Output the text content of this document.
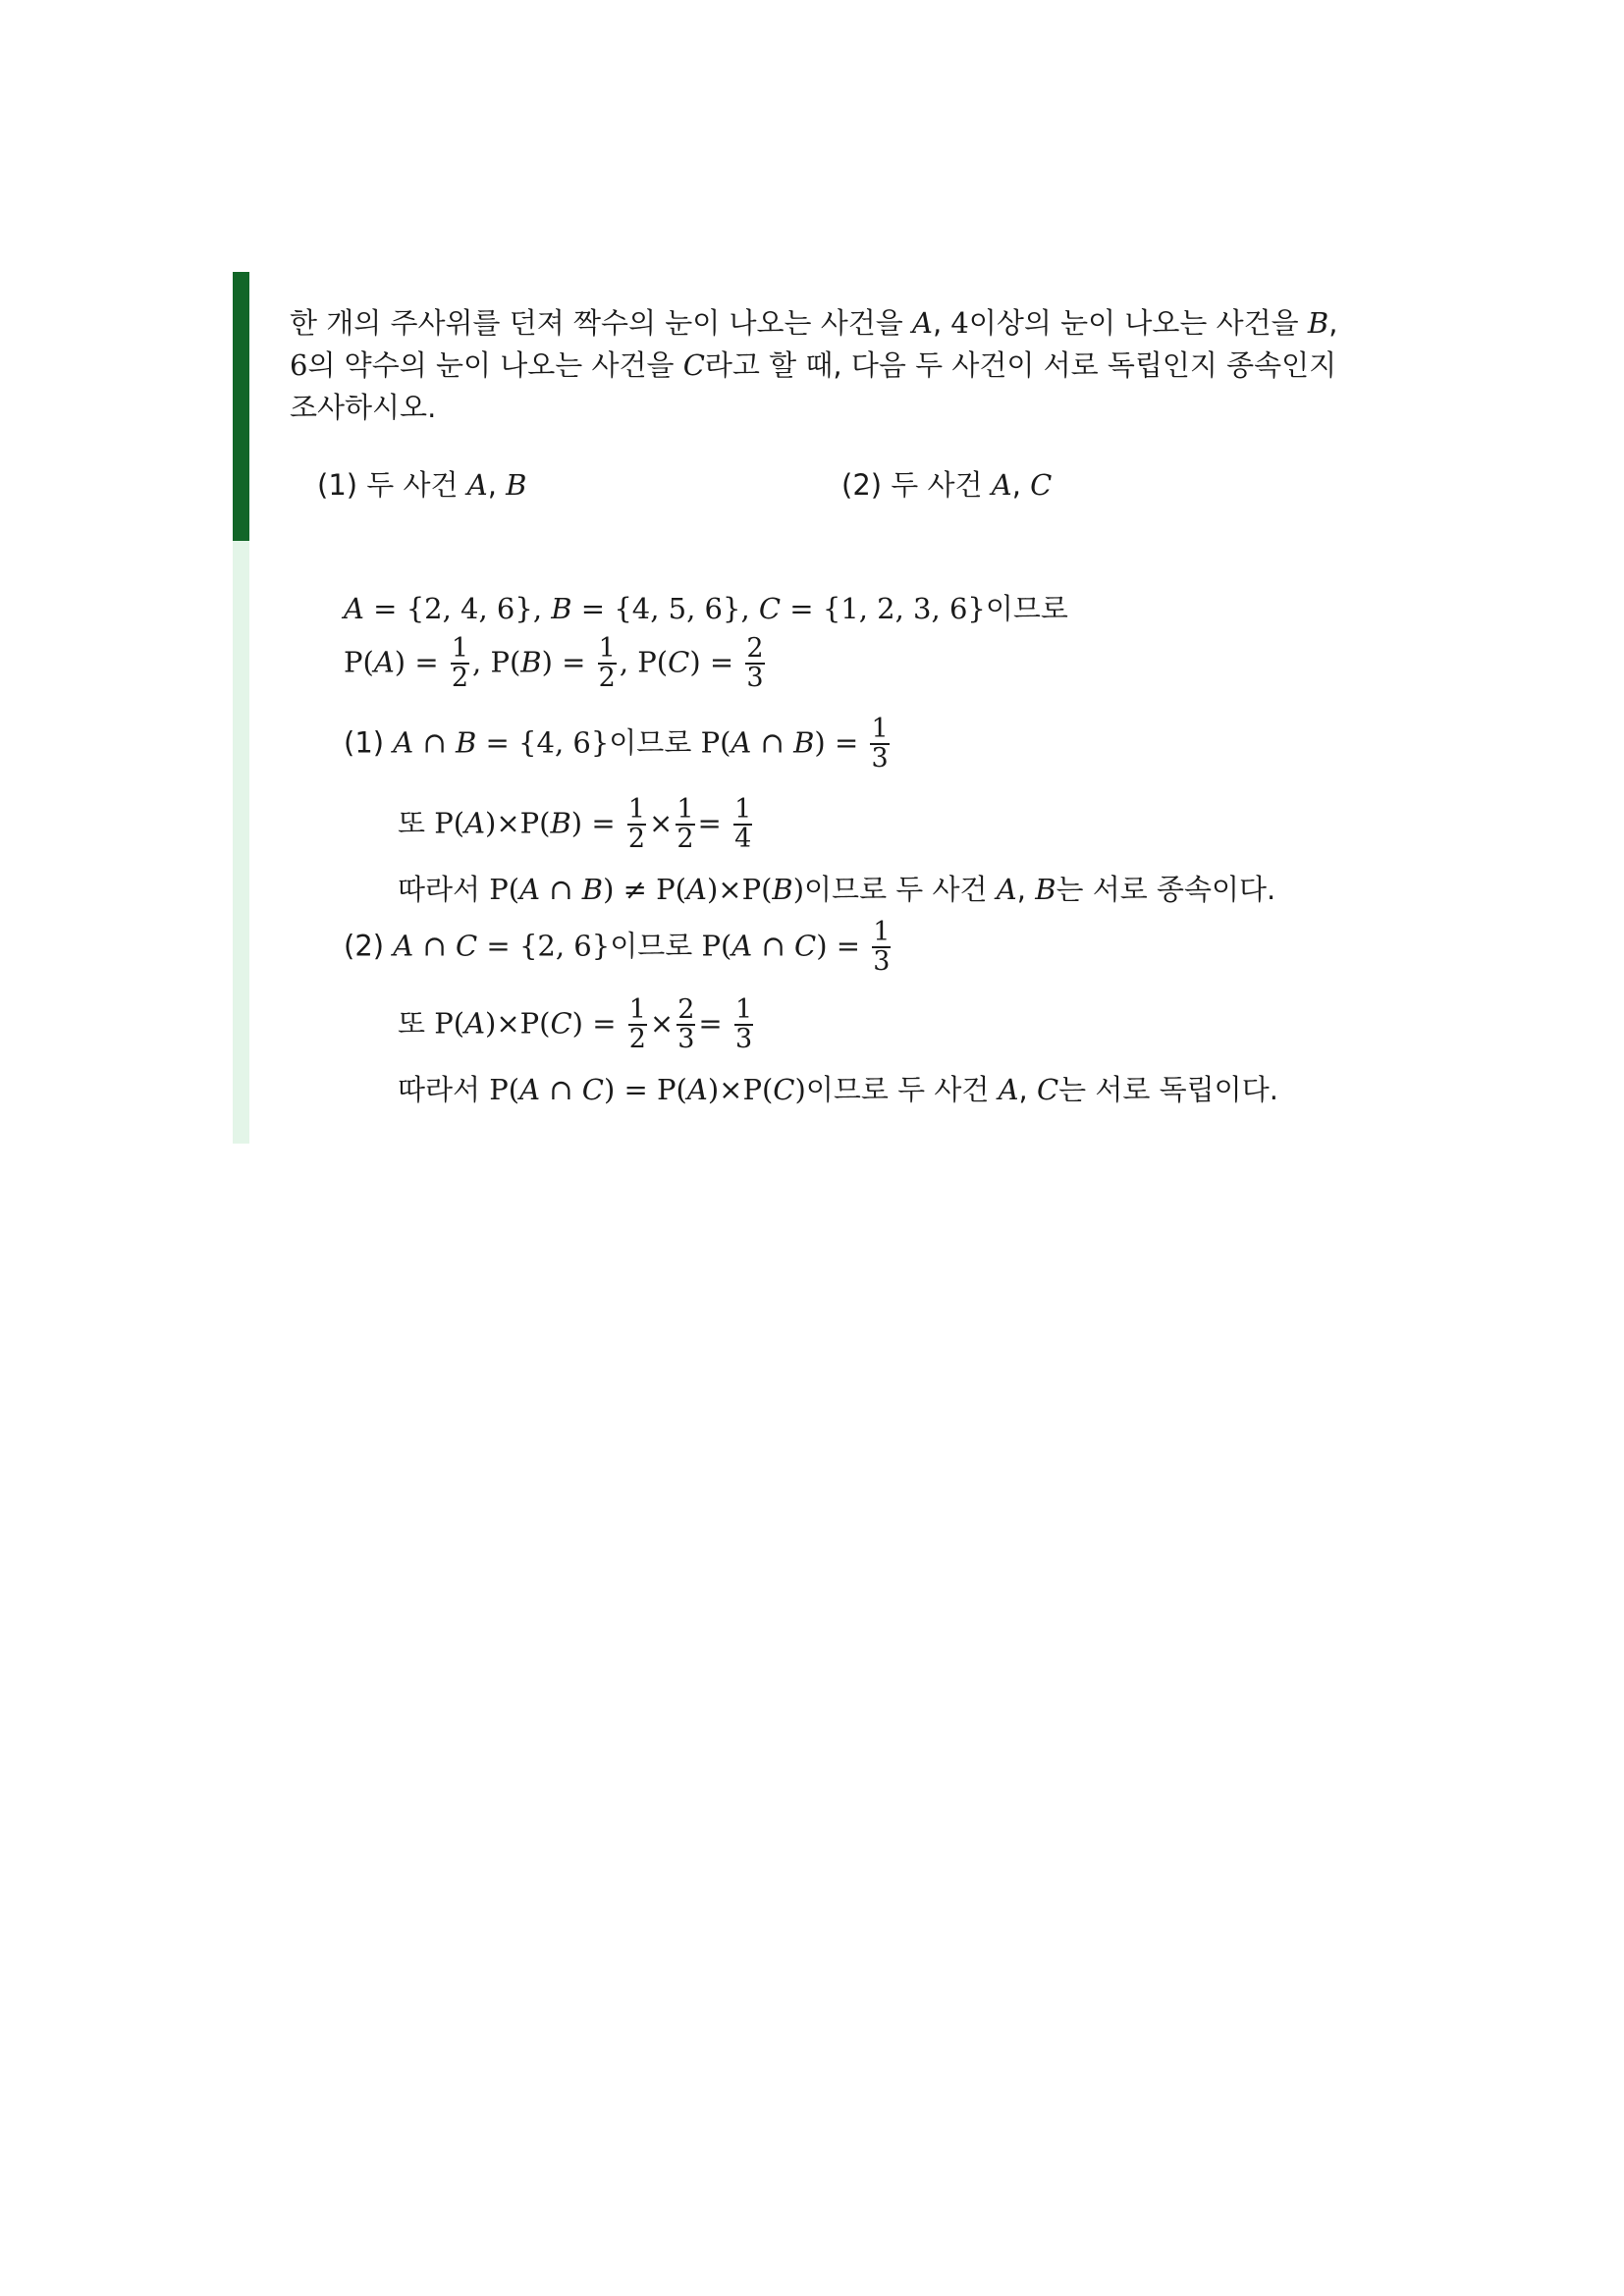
한 개의 주사위를 던져 짝수의 눈이 나오는 사건을 A, 4이상의 눈이 나오는 사건을 B,

6의 약수의 눈이 나오는 사건을 C라고 할 때, 다음 두 사건이 서로 독립인지 종속인지

조사하시오.

(1) 두 사건 A, B	(2) 두 사건 A, C
A = {2, 4, 6}, B = {4, 5, 6}, C = {1, 2, 3, 6}이므로
$P(A) = \frac{1}{2}$ , $P(B) = \frac{1}{2}$ , $P(C) = \frac{2}{3}$
(1) A ∩ B = {4, 6}이므로 P(A ∩ $B) = \frac{1}{3}$
또 $P(A)\times P(B) = \frac{1}{2} \times \frac{1}{2} = \frac{1}{4}$
따라서 P(A ∩ B) ≠ P(A)×P(B)이므로 두 사건 A, B는 서로 종속이다.
(2) A ∩ C = {2, 6}이므로 P(A ∩ $C) = \frac{1}{3}$
또 $P(A)\times P(C) = \frac{1}{2} \times \frac{2}{3} = \frac{1}{3}$
따라서 P(A ∩ C) = P(A)×P(C)이므로 두 사건 A, C는 서로 독립이다.
